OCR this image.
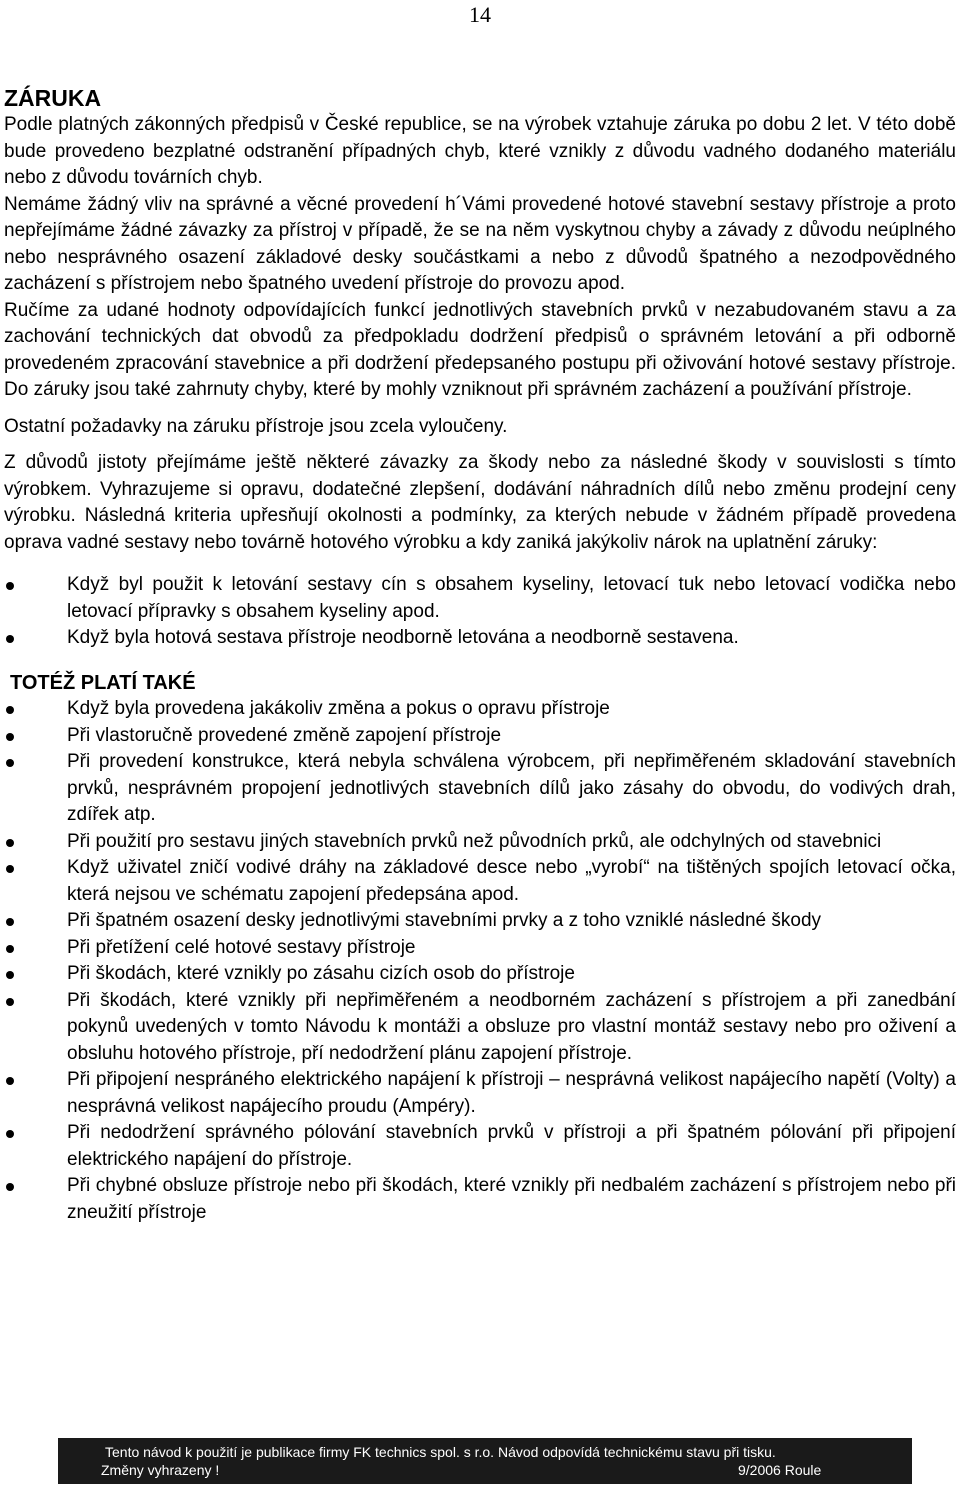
14
ZÁRUKA

Podle platných zákonných předpisů v České republice, se na výrobek vztahuje záruka po dobu 2 let. V této době bude provedeno bezplatné odstranění případných chyb, které vznikly z důvodu vadného dodaného materiálu nebo z důvodu továrních chyb.

Nemáme žádný vliv na správné a věcné provedení h´Vámi provedené hotové stavební sestavy přístroje a proto nepřejímáme žádné závazky za přístroj v případě, že se na něm vyskytnou chyby a závady z důvodu neúplného nebo nesprávného osazení základové desky součástkami a nebo z důvodů špatného a nezodpovědného zacházení s přístrojem nebo špatného uvedení přístroje do provozu apod.

Ručíme za udané hodnoty odpovídajících funkcí jednotlivých stavebních prvků v nezabudovaném stavu a za zachování technických dat obvodů za předpokladu dodržení předpisů o správném letování a při odborně provedeném zpracování stavebnice a při dodržení předepsaného postupu při oživování hotové sestavy přístroje. Do záruky jsou také zahrnuty chyby, které by mohly vzniknout při správném zacházení a používání přístroje.

Ostatní požadavky na záruku přístroje jsou zcela vyloučeny.

Z důvodů jistoty přejímáme ještě některé závazky za škody nebo za následné škody v souvislosti s tímto výrobkem. Vyhrazujeme si opravu, dodatečné zlepšení, dodávání náhradních dílů nebo změnu prodejní ceny výrobku. Následná kriteria upřesňují okolnosti a podmínky, za kterých nebude v žádném případě provedena oprava vadné sestavy nebo továrně hotového výrobku a kdy zaniká jakýkoliv nárok na uplatnění záruky:

Když byl použit k letování sestavy cín s obsahem kyseliny, letovací tuk nebo letovací vodička nebo letovací přípravky s obsahem kyseliny apod.
Když byla hotová sestava přístroje neodborně letována a neodborně sestavena.
TOTÉŽ PLATÍ TAKÉ
Když byla provedena jakákoliv změna a pokus o opravu přístroje
Při vlastoručně provedené změně zapojení přístroje
Při provedení konstrukce, která nebyla schválena výrobcem, při nepřiměřeném skladování stavebních prvků, nesprávném propojení jednotlivých stavebních dílů jako zásahy do obvodu, do vodivých drah, zdířek atp.
Při použití pro sestavu jiných stavebních prvků než původních prků, ale odchylných od stavebnici
Když uživatel zničí vodivé dráhy na základové desce nebo „vyrobí“ na tištěných spojích letovací očka, která nejsou ve schématu zapojení předepsána apod.
Při špatném osazení desky jednotlivými stavebními prvky a z toho vzniklé následné škody
Při přetížení celé hotové sestavy přístroje
Při škodách, které vznikly po zásahu cizích osob do přístroje
Při škodách, které vznikly při nepřiměřeném a neodborném zacházení s přístrojem a při zanedbání pokynů uvedených v tomto Návodu k montáži a obsluze pro vlastní montáž sestavy nebo pro oživení a obsluhu hotového přístroje, pří nedodržení plánu zapojení přístroje.
Při připojení nespráného elektrického napájení k přístroji – nesprávná velikost napájecího napětí (Volty) a nesprávná velikost napájecího proudu (Ampéry).
Při nedodržení správného pólování stavebních prvků v přístroji a při špatném pólování při připojení elektrického napájení do přístroje.
Při chybné obsluze přístroje nebo při škodách, které vznikly při nedbalém zacházení s přístrojem nebo při zneužití přístroje
Tento návod k použití je publikace firmy FK technics spol. s r.o. Návod odpovídá technickému stavu při tisku.
Změny vyhrazeny !	9/2006 Roule
